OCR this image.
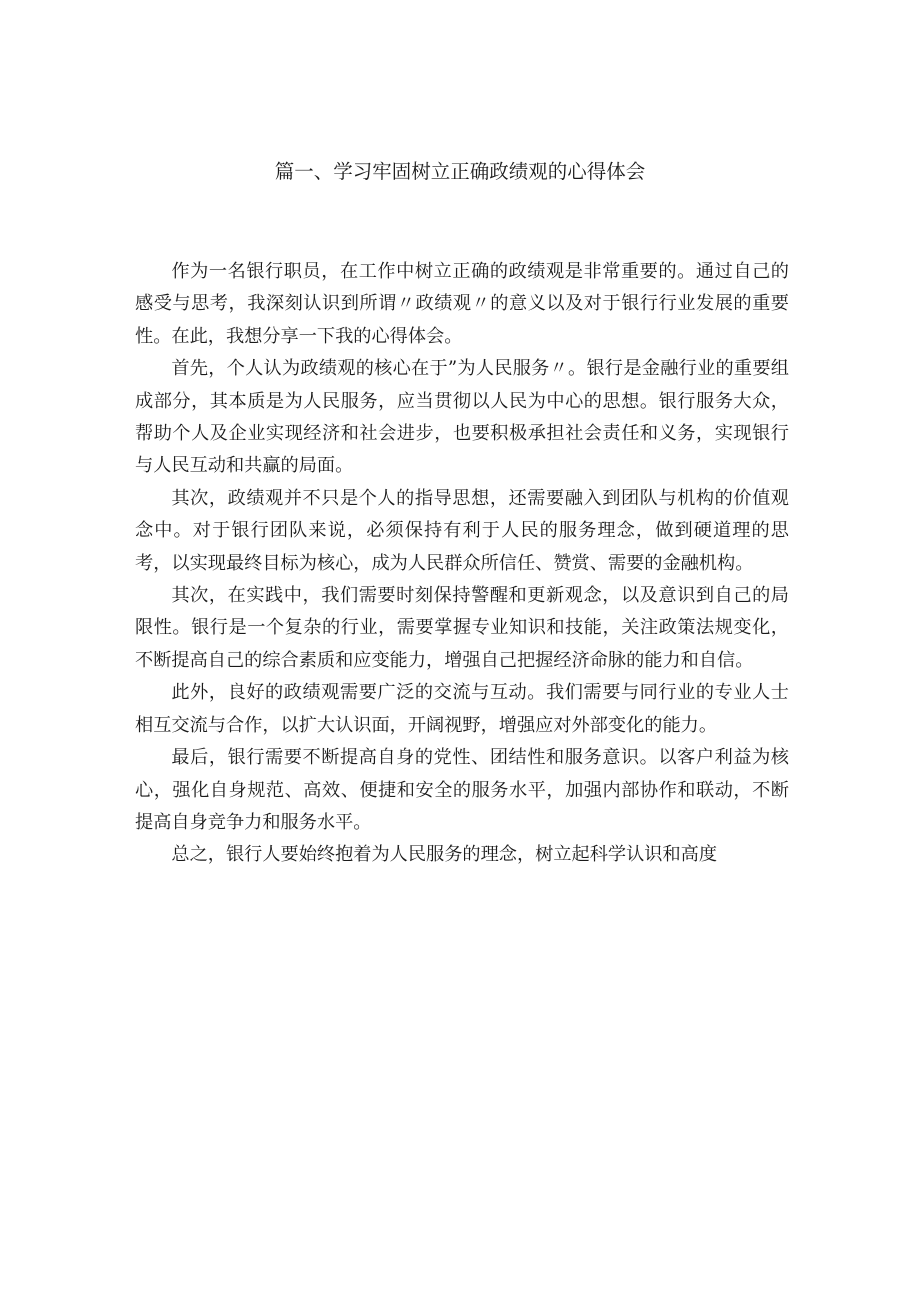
篇一、学习牢固树立正确政绩观的心得体会

作为一名银行职员，在工作中树立正确的政绩观是非常重要的。通过自己的感受与思考，我深刻认识到所谓〃政绩观〃的意义以及对于银行行业发展的重要性。在此，我想分享一下我的心得体会。

首先，个人认为政绩观的核心在于”为人民服务〃。银行是金融行业的重要组成部分，其本质是为人民服务，应当贯彻以人民为中心的思想。银行服务大众，帮助个人及企业实现经济和社会进步，也要积极承担社会责任和义务，实现银行与人民互动和共赢的局面。

其次，政绩观并不只是个人的指导思想，还需要融入到团队与机构的价值观念中。对于银行团队来说，必须保持有利于人民的服务理念，做到硬道理的思考，以实现最终目标为核心，成为人民群众所信任、赞赏、需要的金融机构。

其次，在实践中，我们需要时刻保持警醒和更新观念，以及意识到自己的局限性。银行是一个复杂的行业，需要掌握专业知识和技能，关注政策法规变化，不断提高自己的综合素质和应变能力，增强自己把握经济命脉的能力和自信。

此外，良好的政绩观需要广泛的交流与互动。我们需要与同行业的专业人士相互交流与合作，以扩大认识面，开阔视野，增强应对外部变化的能力。

最后，银行需要不断提高自身的党性、团结性和服务意识。以客户利益为核心，强化自身规范、高效、便捷和安全的服务水平，加强内部协作和联动，不断提高自身竞争力和服务水平。

总之，银行人要始终抱着为人民服务的理念，树立起科学认识和高度
